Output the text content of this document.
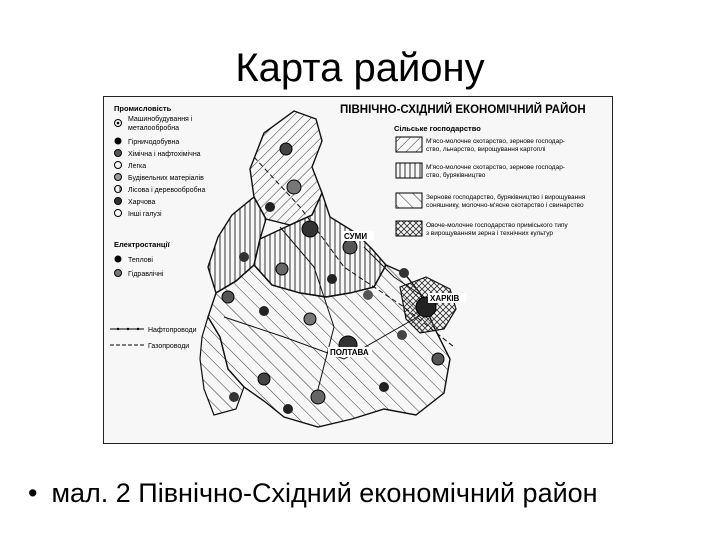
Карта району
ПІВНІЧНО-СХІДНИЙ ЕКОНОМІЧНИЙ РАЙОН
СУМИ
ХАРКІВ
ПОЛТАВА
Промисловість
Машинобудування і
металообробна
Гірничодобувна
Хімічна і нафтохімічна
Легка
Будівельних матеріалів
Лісова і деревообробна
Харчова
Інші галузі
Електростанції
Теплові
Гідравлічні
Нафтопроводи
Газопроводи
Сільське господарство
М'ясо-молочне скотарство, зернове господар-
ство, льнарство, вирощування картоплі
М'ясо-молочне скотарство, зернове господар-
ство, буряківництво
Зернове господарство, буряківництво і вирощування
соняшнику, молочно-м'ясне скотарство і свинарство
Овоче-молочне господарство приміського типу
з вирощуванням зерна і технічних культур
• мал. 2 Північно-Східний економічний район
